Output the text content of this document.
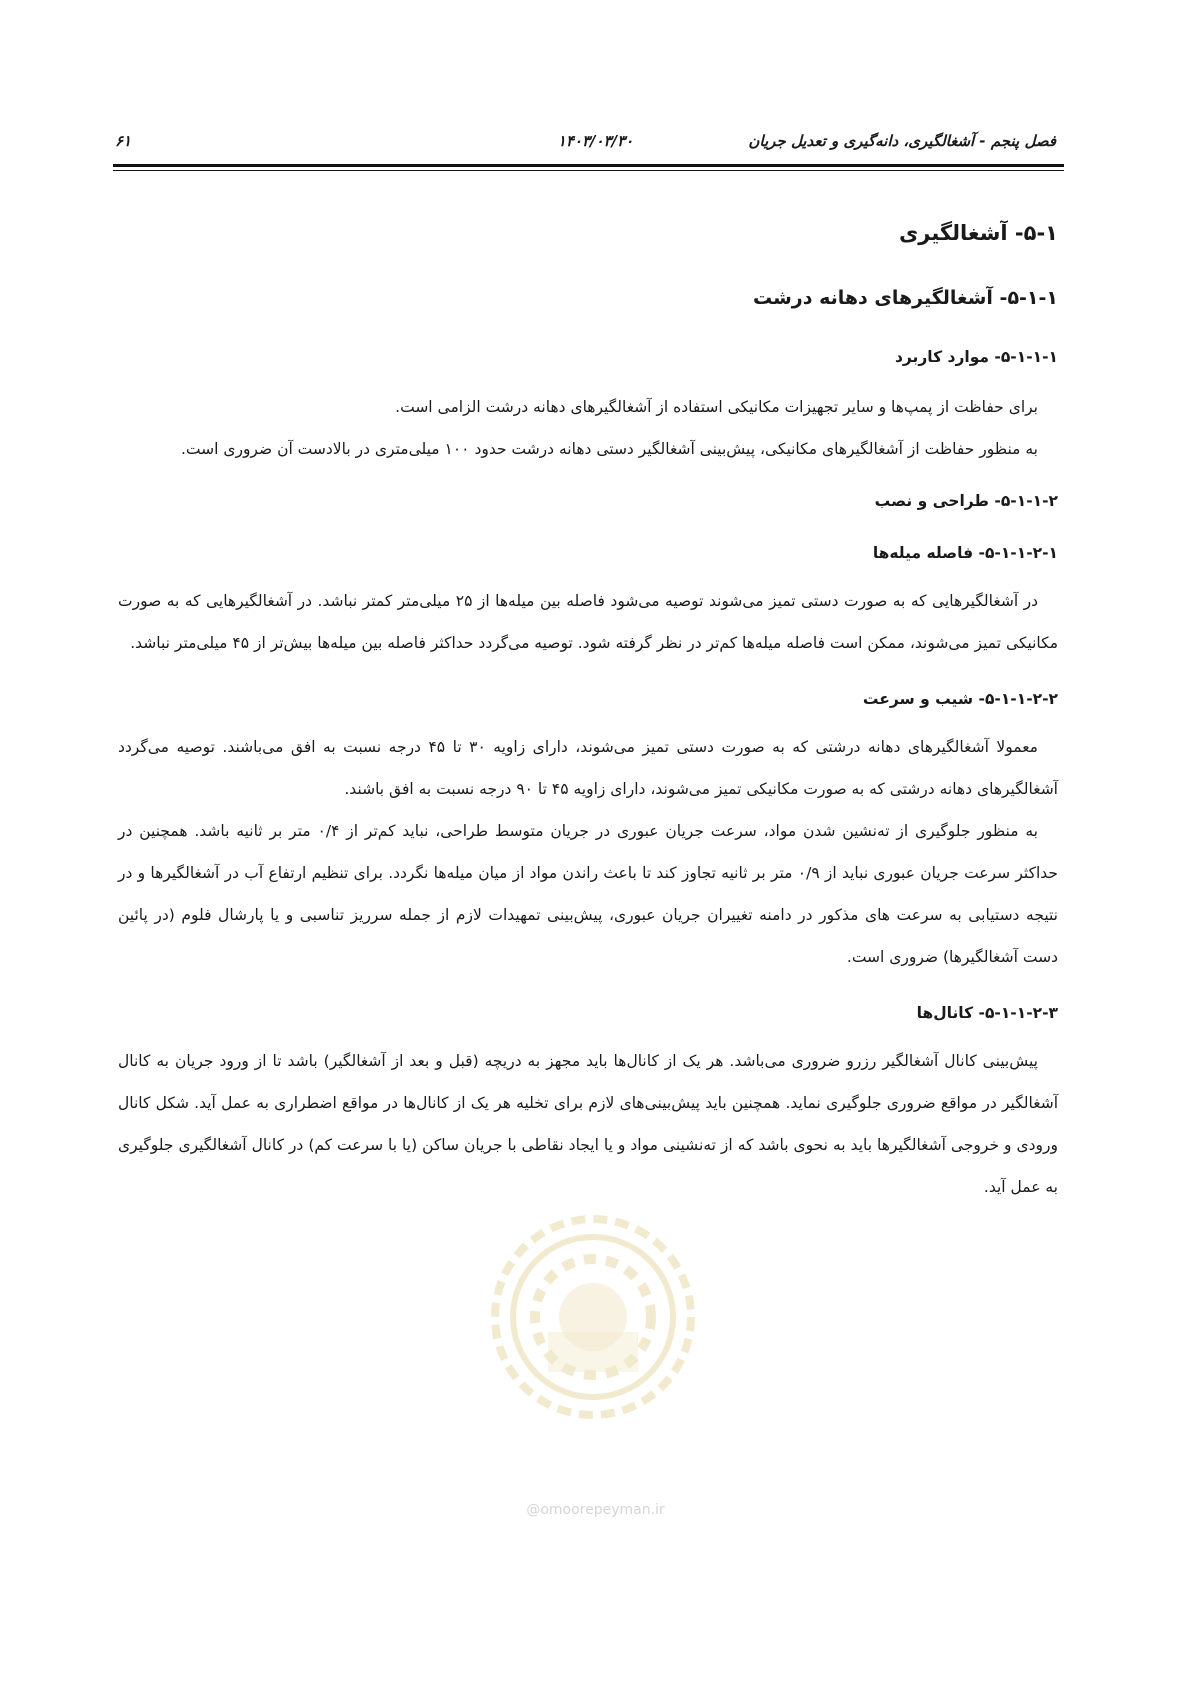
فصل پنجم - آشغالگیری، دانه‌گیری و تعدیل جریان
۱۴۰۳/۰۳/۳۰
۶۱
۵-۱- آشغالگیری
۵-۱-۱- آشغالگیرهای دهانه درشت
۵-۱-۱-۱- موارد کاربرد

برای حفاظت از پمپ‌ها و سایر تجهیزات مکانیکی استفاده از آشغالگیرهای دهانه درشت الزامی است.

به منظور حفاظت از آشغالگیرهای مکانیکی، پیش‌بینی آشغالگیر دستی دهانه درشت حدود ۱۰۰ میلی‌متری در بالادست آن ضروری است.

۵-۱-۱-۲- طراحی و نصب
۵-۱-۱-۲-۱- فاصله میله‌ها

در آشغالگیرهایی که به صورت دستی تمیز می‌شوند توصیه می‌شود فاصله بین میله‌ها از ۲۵ میلی‌متر کمتر نباشد. در آشغالگیرهایی که به صورت مکانیکی تمیز می‌شوند، ممکن است فاصله میله‌ها کم‌تر در نظر گرفته شود. توصیه می‌گردد حداکثر فاصله بین میله‌ها بیش‌تر از ۴۵ میلی‌متر نباشد.

۵-۱-۱-۲-۲- شیب و سرعت

معمولا آشغالگیرهای دهانه درشتی که به صورت دستی تمیز می‌شوند، دارای زاویه ۳۰ تا ۴۵ درجه نسبت به افق می‌باشند. توصیه می‌گردد آشغالگیرهای دهانه درشتی که به صورت مکانیکی تمیز می‌شوند، دارای زاویه ۴۵ تا ۹۰ درجه نسبت به افق باشند.

به منظور جلوگیری از ته‌نشین شدن مواد، سرعت جریان عبوری در جریان متوسط طراحی، نباید کم‌تر از ۰/۴ متر بر ثانیه باشد. همچنین در حداکثر سرعت جریان عبوری نباید از ۰/۹ متر بر ثانیه تجاوز کند تا باعث راندن مواد از میان میله‌ها نگردد. برای تنظیم ارتفاع آب در آشغالگیرها و در نتیجه دستیابی به سرعت های مذکور در دامنه تغییران جریان عبوری، پیش‌بینی تمهیدات لازم از جمله سرریز تناسبی و یا پارشال فلوم (در پائین دست آشغالگیرها) ضروری است.

۵-۱-۱-۲-۳- کانال‌ها

پیش‌بینی کانال آشغالگیر رزرو ضروری می‌باشد. هر یک از کانال‌ها باید مجهز به دریچه (قبل و بعد از آشغالگیر) باشد تا از ورود جریان به کانال آشغالگیر در مواقع ضروری جلوگیری نماید. همچنین باید پیش‌بینی‌های لازم برای تخلیه هر یک از کانال‌ها در مواقع اضطراری به عمل آید. شکل کانال ورودی و خروجی آشغالگیرها باید به نحوی باشد که از ته‌نشینی مواد و یا ایجاد نقاطی با جریان ساکن (یا با سرعت کم) در کانال آشغالگیری جلوگیری به عمل آید.

@omoorepeyman.ir
